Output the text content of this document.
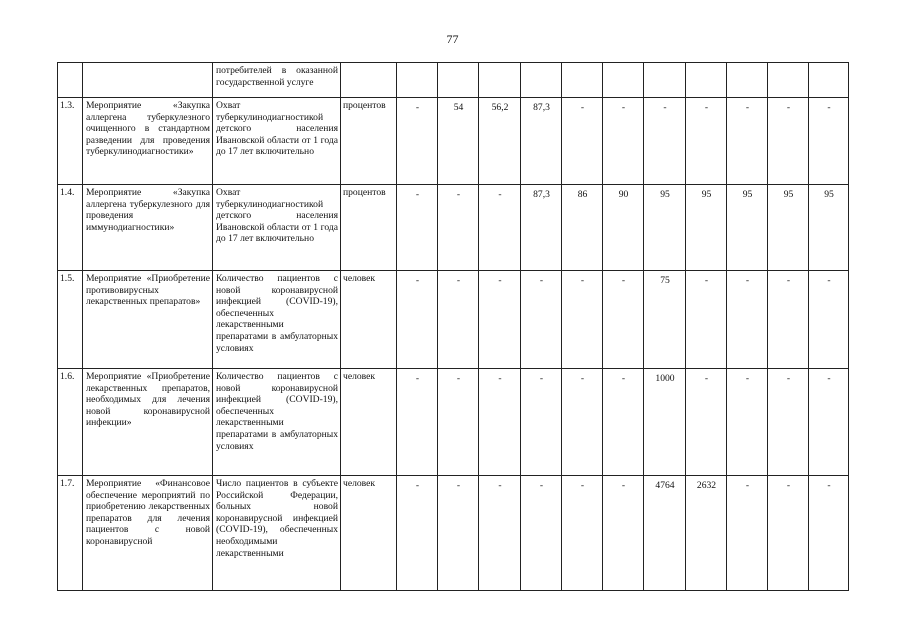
77
		потребителей в оказанной государственной услуге												
1.3.	Мероприятие «Закупка аллергена туберкулезного очищенного в стандартном разведении для проведения туберкулинодиагностики»	Охват туберкулинодиагностикой детского населения Ивановской области от 1 года до 17 лет включительно	процентов	-	54	56,2	87,3	-	-	-	-	-	-	-
1.4.	Мероприятие «Закупка аллергена туберкулезного для проведения иммунодиагностики»	Охват туберкулинодиагностикой детского населения Ивановской области от 1 года до 17 лет включительно	процентов	-	-	-	87,3	86	90	95	95	95	95	95
1.5.	Мероприятие «Приобретение противовирусных лекарственных препаратов»	Количество пациентов с новой коронавирусной инфекцией (COVID-19), обеспеченных лекарственными препаратами в амбулаторных условиях	человек	-	-	-	-	-	-	75	-	-	-	-
1.6.	Мероприятие «Приобретение лекарственных препаратов, необходимых для лечения новой коронавирусной инфекции»	Количество пациентов с новой коронавирусной инфекцией (COVID-19), обеспеченных лекарственными препаратами в амбулаторных условиях	человек	-	-	-	-	-	-	1000	-	-	-	-
1.7.	Мероприятие «Финансовое обеспечение мероприятий по приобретению лекарственных препаратов для лечения пациентов с новой коронавирусной	Число пациентов в субъекте Российской Федерации, больных новой коронавирусной инфекцией (COVID-19), обеспеченных необходимыми лекарственными	человек	-	-	-	-	-	-	4764	2632	-	-	-
